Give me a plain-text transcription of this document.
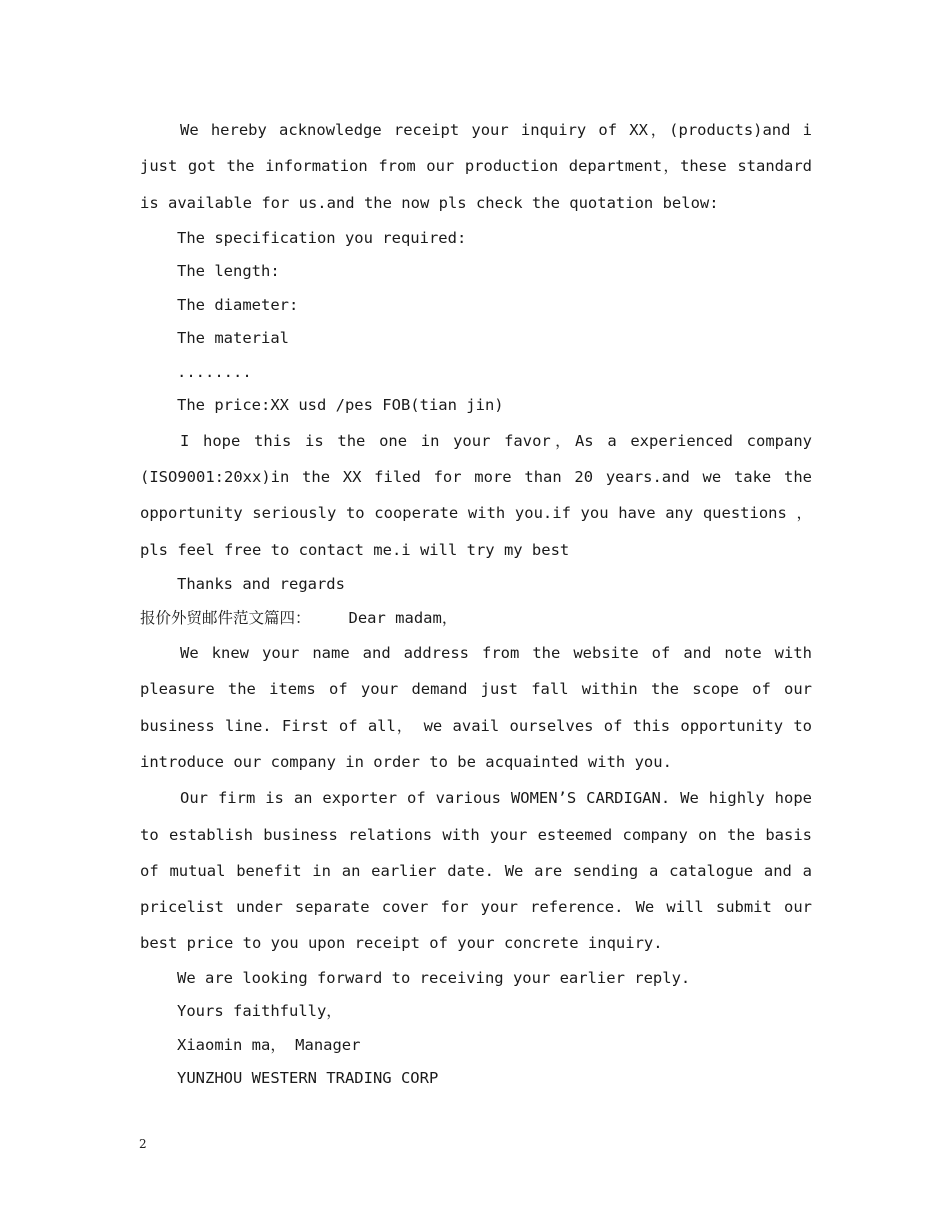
We hereby acknowledge receipt your inquiry of XX，(products)and i just got the information from our production department，these standard is available for us.and the now pls check the quotation below:

The specification you required:

The length:

The diameter:

The material

........

The price:XX usd /pes FOB(tian jin)

I hope this is the one in your favor，As a experienced company (ISO9001:20xx)in the XX filed for more than 20 years.and we take the opportunity seriously to cooperate with you.if you have any questions ，pls feel free to contact me.i will try my best

Thanks and regards

报价外贸邮件范文篇四： Dear madam，

We knew your name and address from the website of and note with pleasure the items of your demand just fall within the scope of our business line. First of all， we avail ourselves of this opportunity to introduce our company in order to be acquainted with you.

Our firm is an exporter of various WOMEN’S CARDIGAN. We highly hope to establish business relations with your esteemed company on the basis of mutual benefit in an earlier date. We are sending a catalogue and a pricelist under separate cover for your reference. We will submit our best price to you upon receipt of your concrete inquiry.

We are looking forward to receiving your earlier reply.

Yours faithfully，

Xiaomin ma， Manager

YUNZHOU WESTERN TRADING CORP

2
